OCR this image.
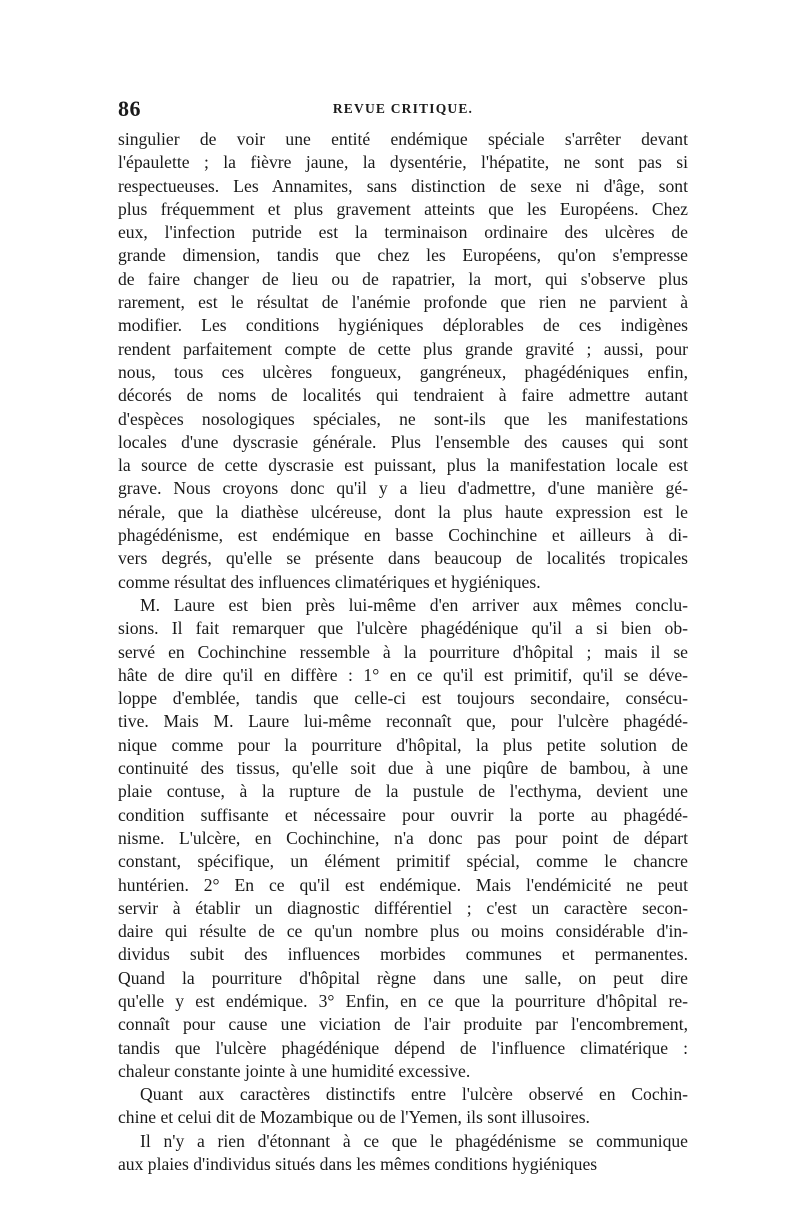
86	REVUE CRITIQUE.
singulier de voir une entité endémique spéciale s'arrêter devant
l'épaulette ; la fièvre jaune, la dysentérie, l'hépatite, ne sont pas si
respectueuses. Les Annamites, sans distinction de sexe ni d'âge, sont
plus fréquemment et plus gravement atteints que les Européens. Chez
eux, l'infection putride est la terminaison ordinaire des ulcères de
grande dimension, tandis que chez les Européens, qu'on s'empresse
de faire changer de lieu ou de rapatrier, la mort, qui s'observe plus
rarement, est le résultat de l'anémie profonde que rien ne parvient à
modifier. Les conditions hygiéniques déplorables de ces indigènes
rendent parfaitement compte de cette plus grande gravité ; aussi, pour
nous, tous ces ulcères fongueux, gangréneux, phagédéniques enfin,
décorés de noms de localités qui tendraient à faire admettre autant
d'espèces nosologiques spéciales, ne sont-ils que les manifestations
locales d'une dyscrasie générale. Plus l'ensemble des causes qui sont
la source de cette dyscrasie est puissant, plus la manifestation locale est
grave. Nous croyons donc qu'il y a lieu d'admettre, d'une manière gé-
nérale, que la diathèse ulcéreuse, dont la plus haute expression est le
phagédénisme, est endémique en basse Cochinchine et ailleurs à di-
vers degrés, qu'elle se présente dans beaucoup de localités tropicales
comme résultat des influences climatériques et hygiéniques.
M. Laure est bien près lui-même d'en arriver aux mêmes conclu-
sions. Il fait remarquer que l'ulcère phagédénique qu'il a si bien ob-
servé en Cochinchine ressemble à la pourriture d'hôpital ; mais il se
hâte de dire qu'il en diffère : 1° en ce qu'il est primitif, qu'il se déve-
loppe d'emblée, tandis que celle-ci est toujours secondaire, consécu-
tive. Mais M. Laure lui-même reconnaît que, pour l'ulcère phagédé-
nique comme pour la pourriture d'hôpital, la plus petite solution de
continuité des tissus, qu'elle soit due à une piqûre de bambou, à une
plaie contuse, à la rupture de la pustule de l'ecthyma, devient une
condition suffisante et nécessaire pour ouvrir la porte au phagédé-
nisme. L'ulcère, en Cochinchine, n'a donc pas pour point de départ
constant, spécifique, un élément primitif spécial, comme le chancre
huntérien. 2° En ce qu'il est endémique. Mais l'endémicité ne peut
servir à établir un diagnostic différentiel ; c'est un caractère secon-
daire qui résulte de ce qu'un nombre plus ou moins considérable d'in-
dividus subit des influences morbides communes et permanentes.
Quand la pourriture d'hôpital règne dans une salle, on peut dire
qu'elle y est endémique. 3° Enfin, en ce que la pourriture d'hôpital re-
connaît pour cause une viciation de l'air produite par l'encombrement,
tandis que l'ulcère phagédénique dépend de l'influence climatérique :
chaleur constante jointe à une humidité excessive.
Quant aux caractères distinctifs entre l'ulcère observé en Cochin-
chine et celui dit de Mozambique ou de l'Yemen, ils sont illusoires.
Il n'y a rien d'étonnant à ce que le phagédénisme se communique
aux plaies d'individus situés dans les mêmes conditions hygiéniques
